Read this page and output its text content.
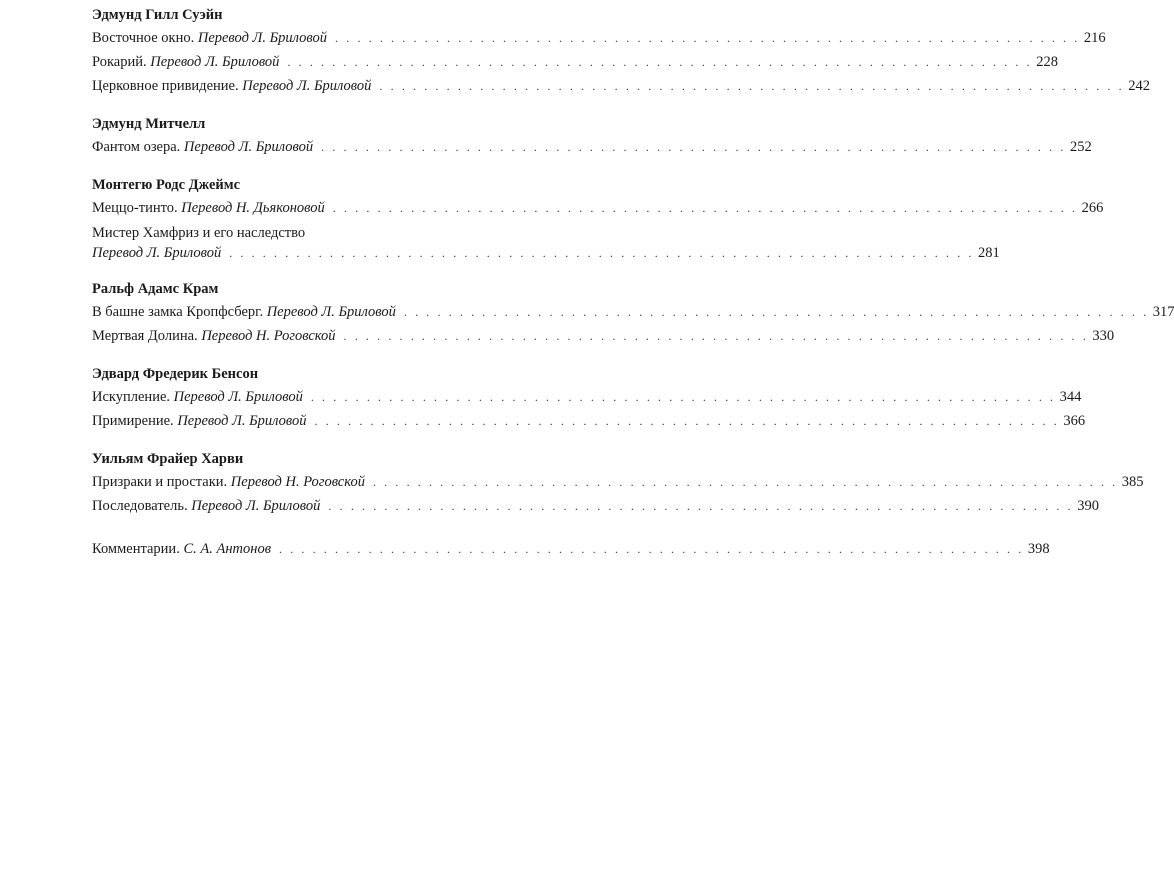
Эдмунд Гилл Суэйн
Восточное окно.
Перевод Л. Бриловой . . . . . . . . . . . . . . . . . . . . . . . . . . . . . . . . . . . . . . . . . . . . . . . . . . . . . . . . . . . . . . . . . . . 216
Рокарий.
Перевод Л. Бриловой . . . . . . . . . . . . . . . . . . . . . . . . . . . . . . . . . . . . . . . . . . . . . . . . . . . . . . . . . . . . . . . . . . . 228
Церковное привидение.
Перевод Л. Бриловой . . . . . . . . . . . . . . . . . . . . . . . . . . . . . . . . . . . . . . . . . . . . . . . . . . . . . . . . . . . . . . . . . . . 242
Эдмунд Митчелл
Фантом озера.
Перевод Л. Бриловой . . . . . . . . . . . . . . . . . . . . . . . . . . . . . . . . . . . . . . . . . . . . . . . . . . . . . . . . . . . . . . . . . . . 252
Монтегю Родс Джеймс
Меццо-тинто.
Перевод Н. Дьяконовой . . . . . . . . . . . . . . . . . . . . . . . . . . . . . . . . . . . . . . . . . . . . . . . . . . . . . . . . . . . . . . . . . . . 266
Мистер Хамфриз и его наследство
Перевод Л. Бриловой . . . . . . . . . . . . . . . . . . . . . . . . . . . . . . . . . . . . . . . . . . . . . . . . . . . . . . . . . . . . . . . . . . . 281
Ральф Адамс Крам
В башне замка Кропфсберг.
Перевод Л. Бриловой . . . . . . . . . . . . . . . . . . . . . . . . . . . . . . . . . . . . . . . . . . . . . . . . . . . . . . . . . . . . . . . . . . . 317
Мертвая Долина.
Перевод Н. Роговской . . . . . . . . . . . . . . . . . . . . . . . . . . . . . . . . . . . . . . . . . . . . . . . . . . . . . . . . . . . . . . . . . . . 330
Эдвард Фредерик Бенсон
Искупление.
Перевод Л. Бриловой . . . . . . . . . . . . . . . . . . . . . . . . . . . . . . . . . . . . . . . . . . . . . . . . . . . . . . . . . . . . . . . . . . . 344
Примирение.
Перевод Л. Бриловой . . . . . . . . . . . . . . . . . . . . . . . . . . . . . . . . . . . . . . . . . . . . . . . . . . . . . . . . . . . . . . . . . . . 366
Уильям Фрайер Харви
Призраки и простаки.
Перевод Н. Роговской . . . . . . . . . . . . . . . . . . . . . . . . . . . . . . . . . . . . . . . . . . . . . . . . . . . . . . . . . . . . . . . . . . . 385
Последователь.
Перевод Л. Бриловой . . . . . . . . . . . . . . . . . . . . . . . . . . . . . . . . . . . . . . . . . . . . . . . . . . . . . . . . . . . . . . . . . . . 390
Комментарии.
С. А. Антонов . . . . . . . . . . . . . . . . . . . . . . . . . . . . . . . . . . . . . . . . . . . . . . . . . . . . . . . . . . . . . . . . . . . 398
